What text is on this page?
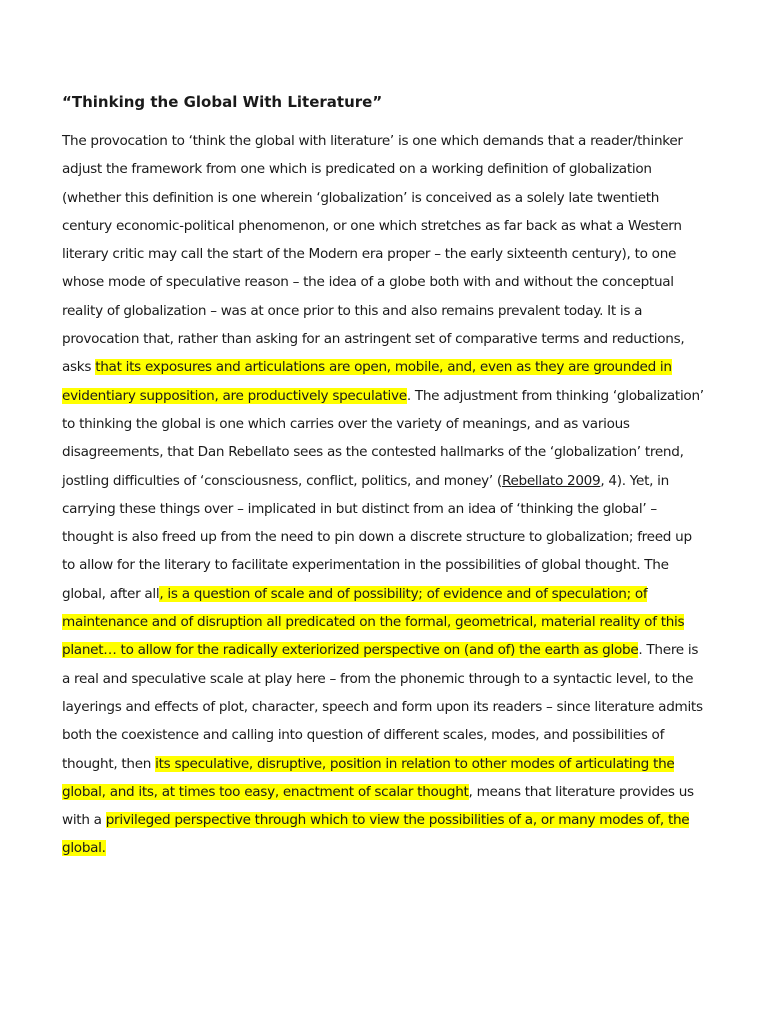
“Thinking the Global With Literature”
The provocation to ‘think the global with literature’ is one which demands that a reader/thinker
adjust the framework from one which is predicated on a working definition of globalization
(whether this definition is one wherein ‘globalization’ is conceived as a solely late twentieth
century economic-political phenomenon, or one which stretches as far back as what a Western
literary critic may call the start of the Modern era proper – the early sixteenth century), to one
whose mode of speculative reason – the idea of a globe both with and without the conceptual
reality of globalization – was at once prior to this and also remains prevalent today. It is a
provocation that, rather than asking for an astringent set of comparative terms and reductions,
asks that its exposures and articulations are open, mobile, and, even as they are grounded in
evidentiary supposition, are productively speculative. The adjustment from thinking ‘globalization’
to thinking the global is one which carries over the variety of meanings, and as various
disagreements, that Dan Rebellato sees as the contested hallmarks of the ‘globalization’ trend,
jostling difficulties of ‘consciousness, conflict, politics, and money’ (Rebellato 2009, 4). Yet, in
carrying these things over – implicated in but distinct from an idea of ‘thinking the global’ –
thought is also freed up from the need to pin down a discrete structure to globalization; freed up
to allow for the literary to facilitate experimentation in the possibilities of global thought. The
global, after all, is a question of scale and of possibility; of evidence and of speculation; of
maintenance and of disruption all predicated on the formal, geometrical, material reality of this
planet… to allow for the radically exteriorized perspective on (and of) the earth as globe. There is
a real and speculative scale at play here – from the phonemic through to a syntactic level, to the
layerings and effects of plot, character, speech and form upon its readers – since literature admits
both the coexistence and calling into question of different scales, modes, and possibilities of
thought, then its speculative, disruptive, position in relation to other modes of articulating the
global, and its, at times too easy, enactment of scalar thought, means that literature provides us
with a privileged perspective through which to view the possibilities of a, or many modes of, the
global.
